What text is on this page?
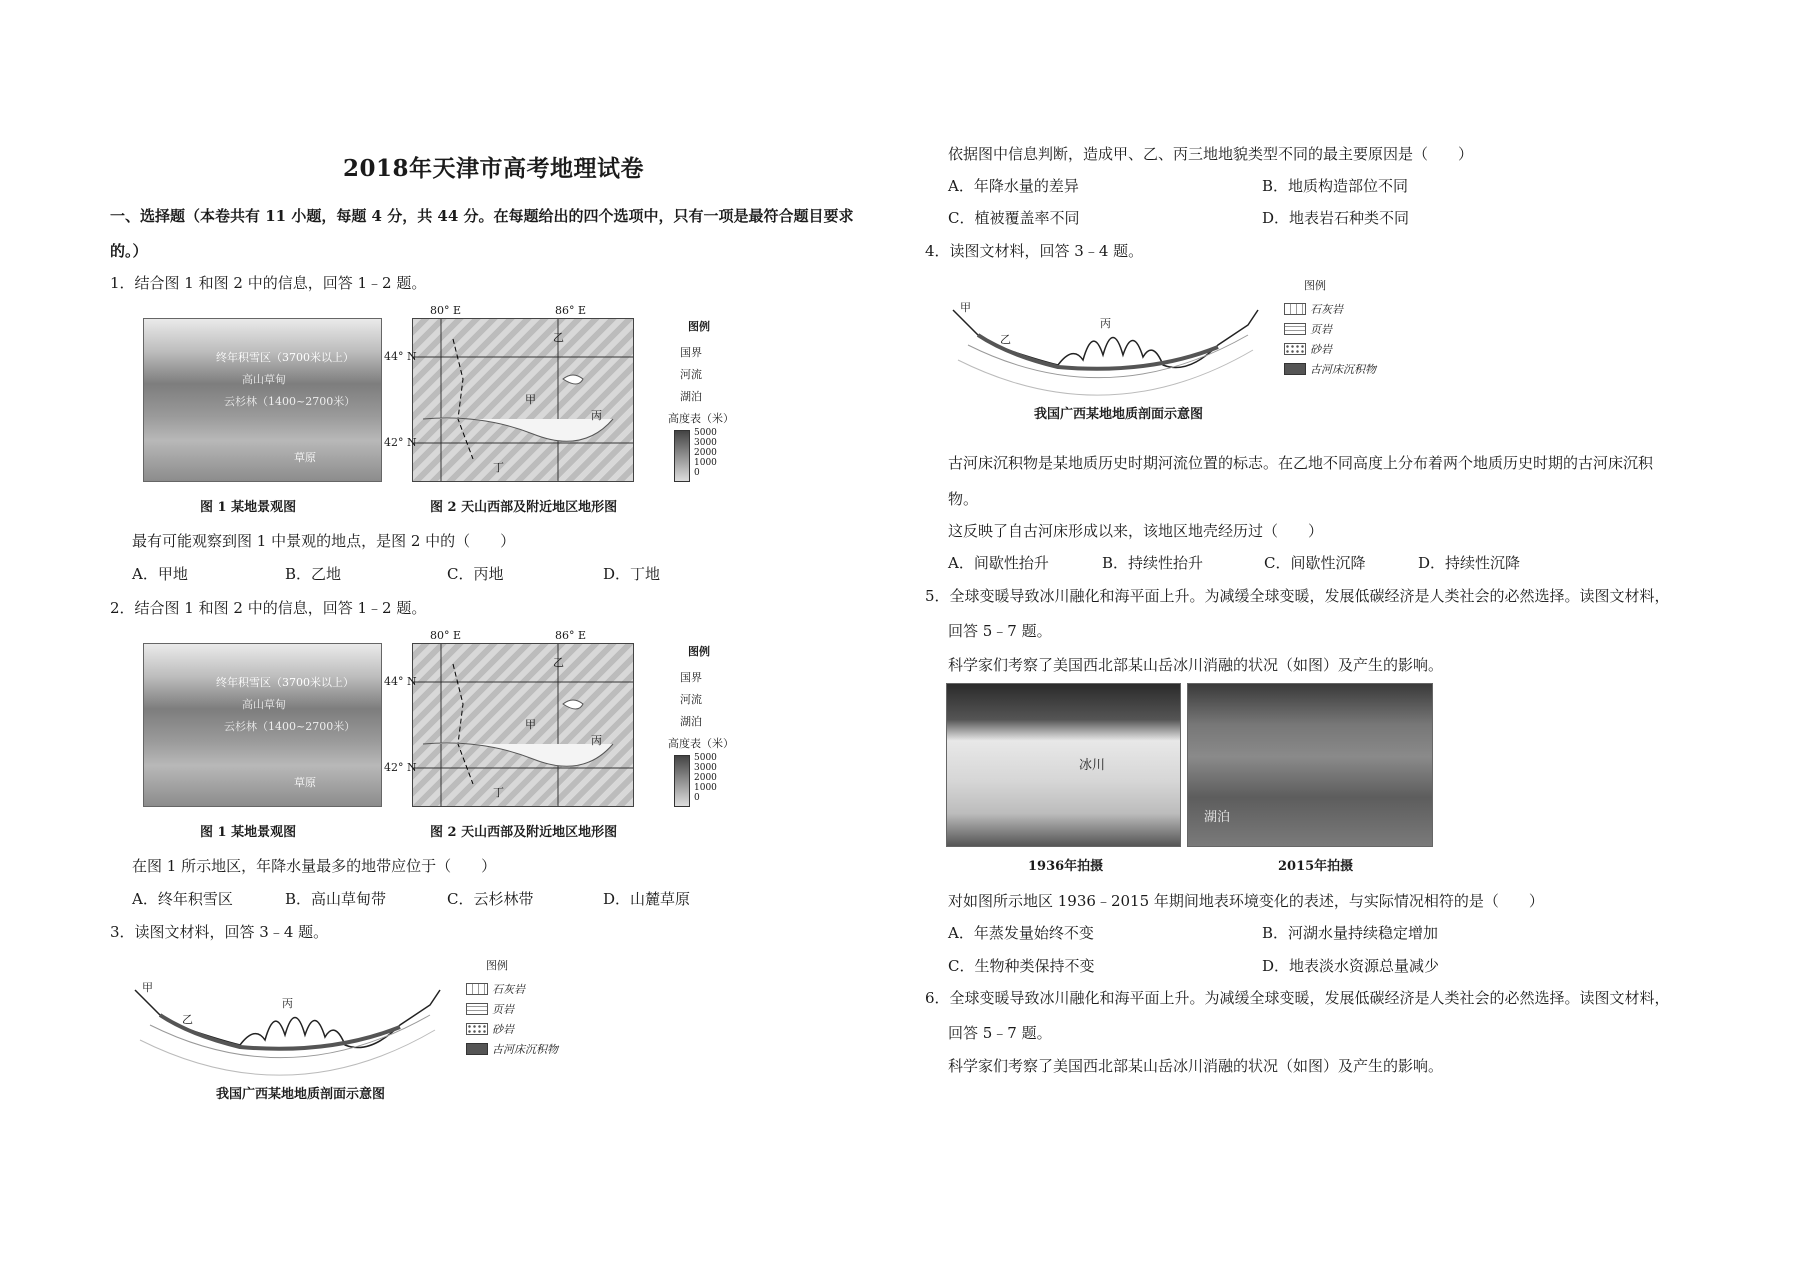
2018年天津市高考地理试卷
一、选择题（本卷共有 11 小题，每题 4 分，共 44 分。在每题给出的四个选项中，只有一项是最符合题目要求
的。）
1．结合图 1 和图 2 中的信息，回答 1﹣2 题。
终年积雪区（3700米以上）
高山草甸
云杉林（1400~2700米）
草原
乙
甲
丙
丁
80° E	86° E
44° N
42° N
图例
国界
河流
湖泊
高度表（米）
5000
3000
2000
1000
0
图 1 某地景观图	图 2 天山西部及附近地区地形图
最有可能观察到图 1 中景观的地点，是图 2 中的（　　）
A．甲地	B．乙地	C．丙地	D．丁地
2．结合图 1 和图 2 中的信息，回答 1﹣2 题。
终年积雪区（3700米以上）
高山草甸
云杉林（1400~2700米）
草原
乙
甲
丙
丁
80° E	86° E
44° N
42° N
图例
国界
河流
湖泊
高度表（米）
5000
3000
2000
1000
0
图 1 某地景观图	图 2 天山西部及附近地区地形图
在图 1 所示地区，年降水量最多的地带应位于（　　）
A．终年积雪区	B．高山草甸带	C．云杉林带	D．山麓草原
3．读图文材料，回答 3﹣4 题。
甲
乙
丙
图例
石灰岩
页岩
砂岩
古河床沉积物
我国广西某地地质剖面示意图
依据图中信息判断，造成甲、乙、丙三地地貌类型不同的最主要原因是（　　）
A．年降水量的差异	B．地质构造部位不同
C．植被覆盖率不同	D．地表岩石种类不同
4．读图文材料，回答 3﹣4 题。
甲
乙
丙
图例
石灰岩
页岩
砂岩
古河床沉积物
我国广西某地地质剖面示意图
古河床沉积物是某地质历史时期河流位置的标志。在乙地不同高度上分布着两个地质历史时期的古河床沉积
物。
这反映了自古河床形成以来，该地区地壳经历过（　　）
A．间歇性抬升	B．持续性抬升	C．间歇性沉降	D．持续性沉降
5．全球变暖导致冰川融化和海平面上升。为减缓全球变暖，发展低碳经济是人类社会的必然选择。读图文材料，
回答 5﹣7 题。
科学家们考察了美国西北部某山岳冰川消融的状况（如图）及产生的影响。
冰川
湖泊
1936年拍摄	2015年拍摄
对如图所示地区 1936﹣2015 年期间地表环境变化的表述，与实际情况相符的是（　　）
A．年蒸发量始终不变	B．河湖水量持续稳定增加
C．生物种类保持不变	D．地表淡水资源总量减少
6．全球变暖导致冰川融化和海平面上升。为减缓全球变暖，发展低碳经济是人类社会的必然选择。读图文材料，
回答 5﹣7 题。
科学家们考察了美国西北部某山岳冰川消融的状况（如图）及产生的影响。
